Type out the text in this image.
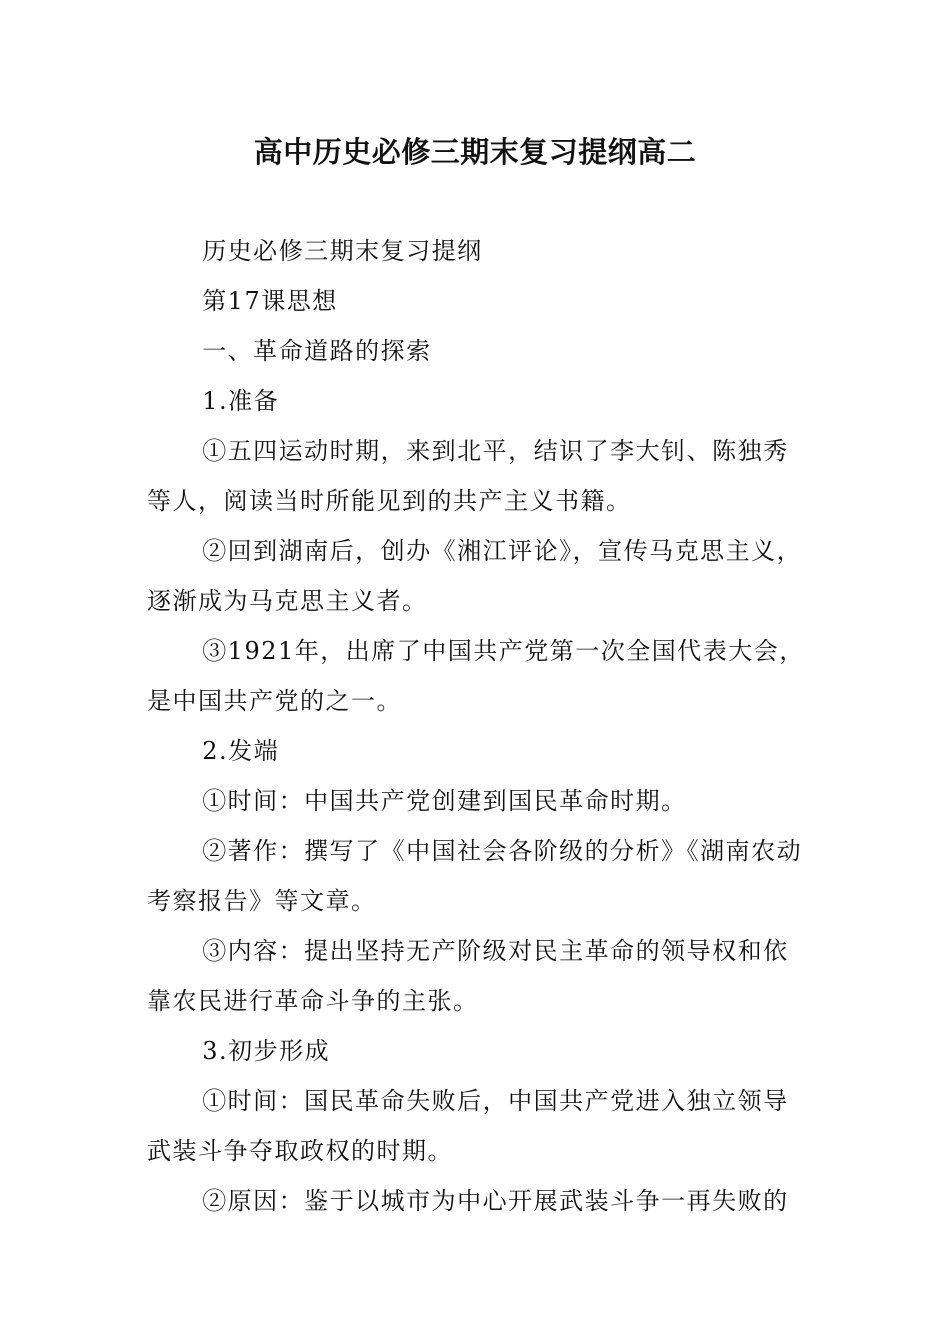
高中历史必修三期末复习提纲高二

历史必修三期末复习提纲

第17课思想

一、革命道路的探索

1.准备

①五四运动时期，来到北平，结识了李大钊、陈独秀等人，阅读当时所能见到的共产主义书籍。

②回到湖南后，创办《湘江评论》，宣传马克思主义，逐渐成为马克思主义者。

③1921年，出席了中国共产党第一次全国代表大会，是中国共产党的之一。

2.发端

①时间：中国共产党创建到国民革命时期。

②著作：撰写了《中国社会各阶级的分析》《湖南农动考察报告》等文章。

③内容：提出坚持无产阶级对民主革命的领导权和依靠农民进行革命斗争的主张。

3.初步形成

①时间：国民革命失败后，中国共产党进入独立领导武装斗争夺取政权的时期。

②原因：鉴于以城市为中心开展武装斗争一再失败的
